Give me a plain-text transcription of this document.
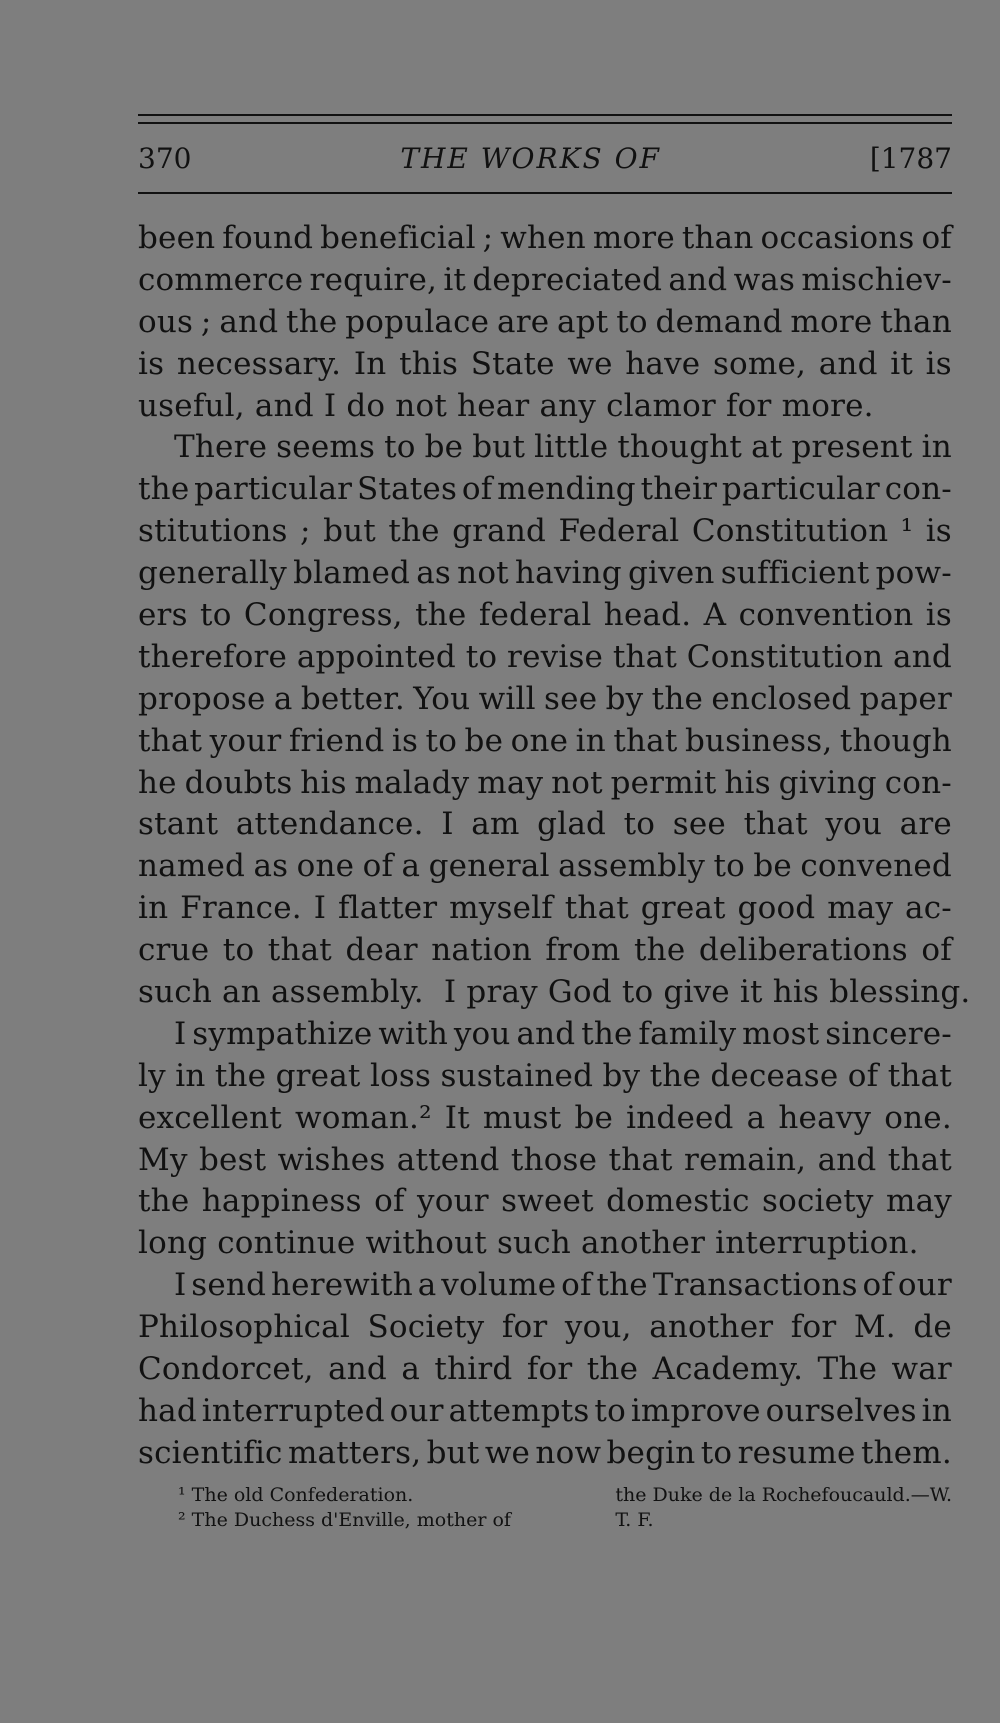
370	THE WORKS OF	[1787
been found beneficial ; when more than occasions of
commerce require, it depreciated and was mischiev-
ous ; and the populace are apt to demand more than
is necessary. In this State we have some, and it is
useful, and I do not hear any clamor for more.
There seems to be but little thought at present in
the particular States of mending their particular con-
stitutions ; but the grand Federal Constitution ¹ is
generally blamed as not having given sufficient pow-
ers to Congress, the federal head. A convention is
therefore appointed to revise that Constitution and
propose a better. You will see by the enclosed paper
that your friend is to be one in that business, though
he doubts his malady may not permit his giving con-
stant attendance. I am glad to see that you are
named as one of a general assembly to be convened
in France. I flatter myself that great good may ac-
crue to that dear nation from the deliberations of
such an assembly.  I pray God to give it his blessing.
I sympathize with you and the family most sincere-
ly in the great loss sustained by the decease of that
excellent woman.² It must be indeed a heavy one.
My best wishes attend those that remain, and that
the happiness of your sweet domestic society may
long continue without such another interruption.
I send herewith a volume of the Transactions of our
Philosophical Society for you, another for M. de
Condorcet, and a third for the Academy. The war
had interrupted our attempts to improve ourselves in
scientific matters, but we now begin to resume them.
¹ The old Confederation.
² The Duchess d'Enville, mother of
the Duke de la Rochefoucauld.—W.
T. F.
